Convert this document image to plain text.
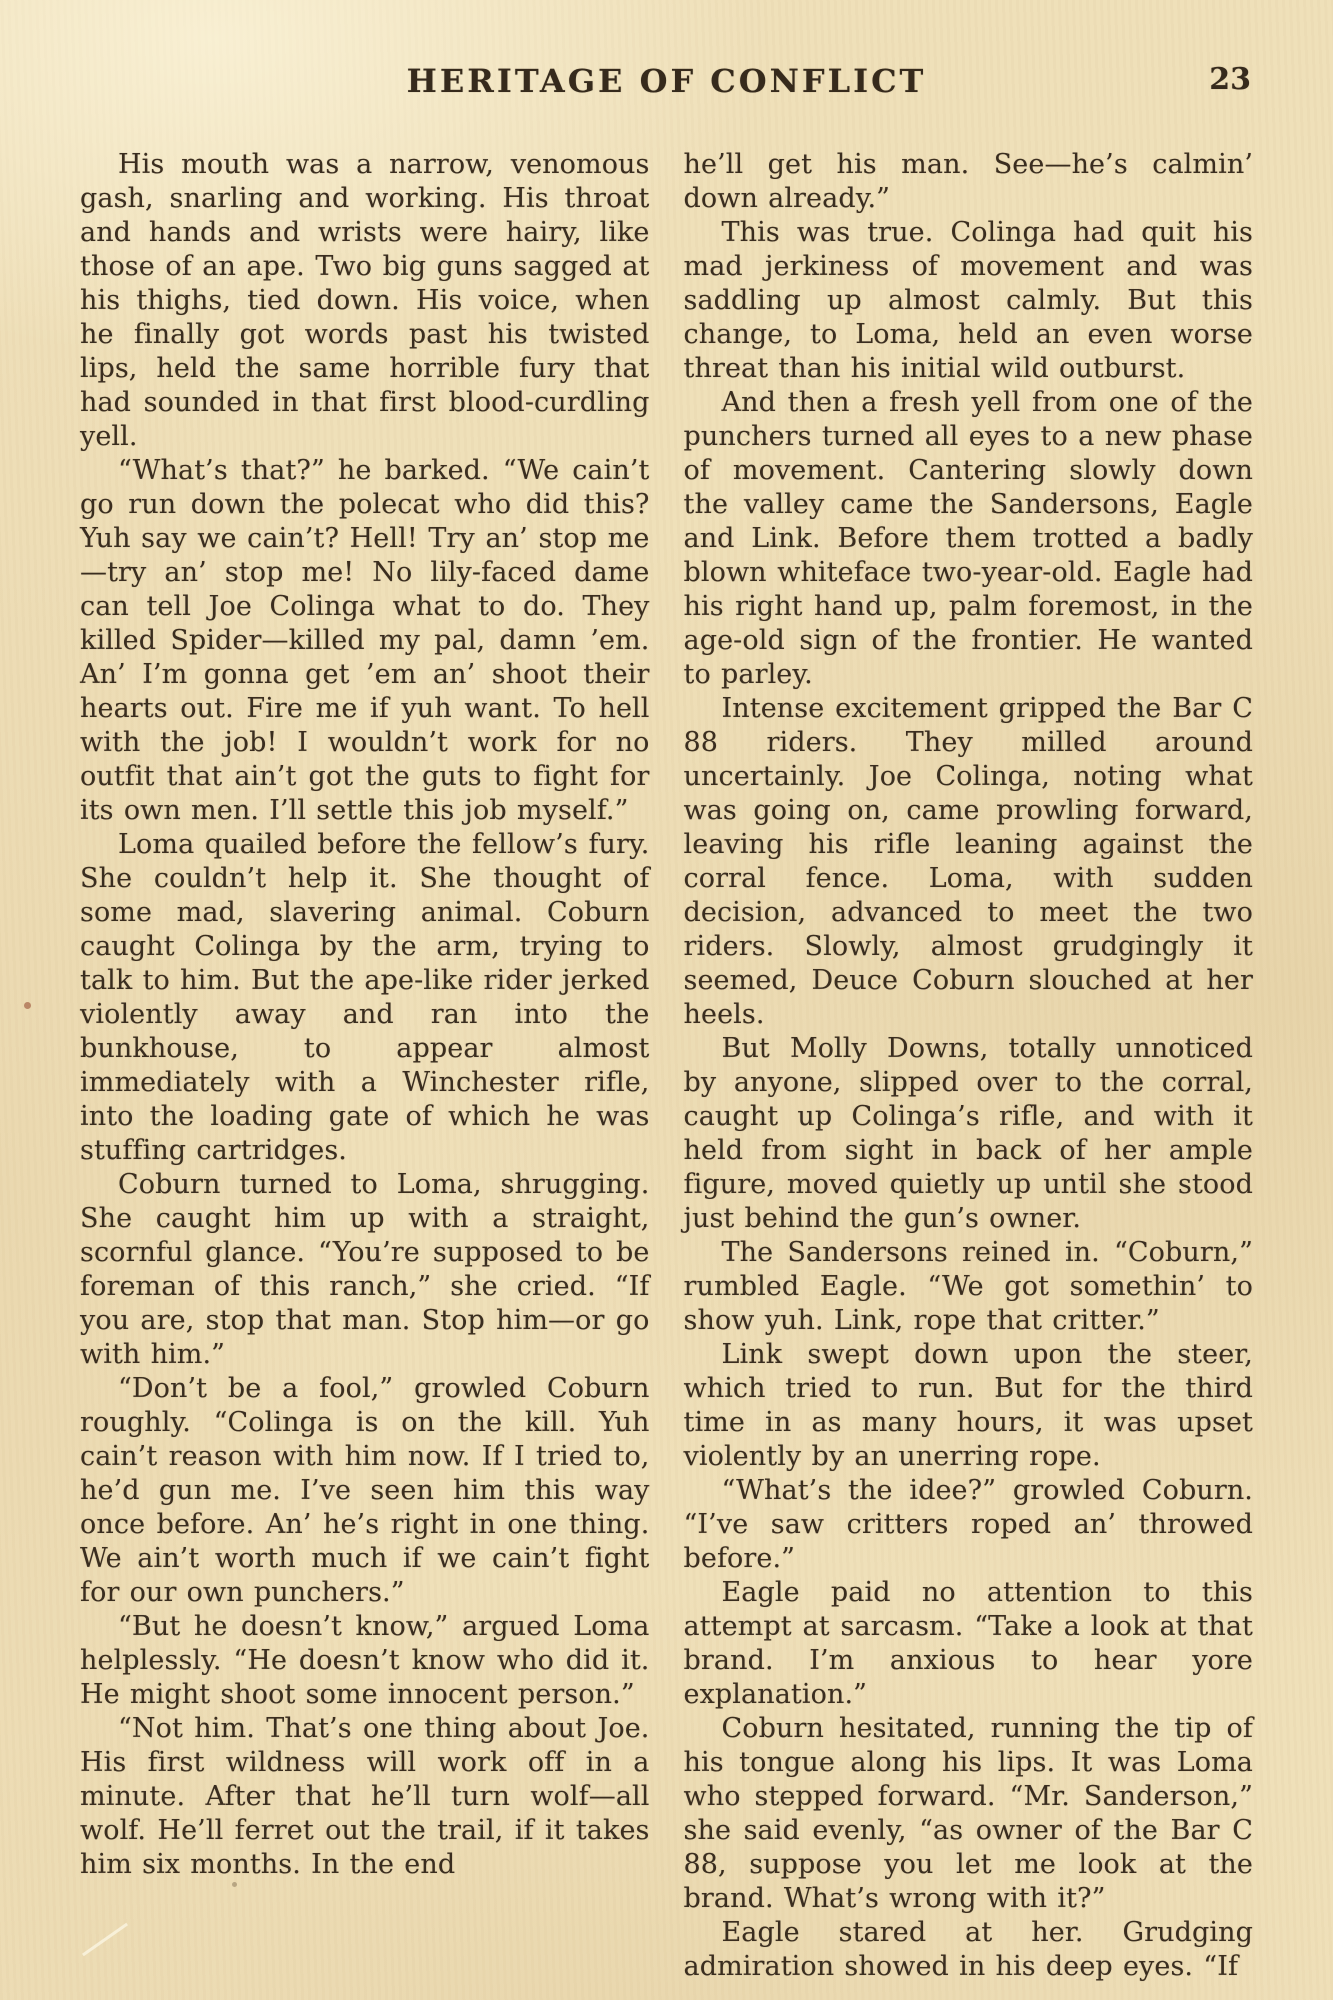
HERITAGE OF CONFLICT	23

His mouth was a narrow, venomous gash, snarling and working. His throat and hands and wrists were hairy, like those of an ape. Two big guns sagged at his thighs, tied down. His voice, when he finally got words past his twisted lips, held the same horrible fury that had sounded in that first blood-curdling yell.

“What’s that?” he barked. “We cain’t go run down the polecat who did this? Yuh say we cain’t? Hell! Try an’ stop me—try an’ stop me! No lily-faced dame can tell Joe Colinga what to do. They killed Spider—killed my pal, damn ’em. An’ I’m gonna get ’em an’ shoot their hearts out. Fire me if yuh want. To hell with the job! I wouldn’t work for no outfit that ain’t got the guts to fight for its own men. I’ll settle this job myself.”

Loma quailed before the fellow’s fury. She couldn’t help it. She thought of some mad, slavering animal. Coburn caught Colinga by the arm, trying to talk to him. But the ape-like rider jerked violently away and ran into the bunkhouse, to appear almost immediately with a Winchester rifle, into the loading gate of which he was stuffing cartridges.

Coburn turned to Loma, shrugging. She caught him up with a straight, scornful glance. “You’re supposed to be foreman of this ranch,” she cried. “If you are, stop that man. Stop him—or go with him.”

“Don’t be a fool,” growled Coburn roughly. “Colinga is on the kill. Yuh cain’t reason with him now. If I tried to, he’d gun me. I’ve seen him this way once before. An’ he’s right in one thing. We ain’t worth much if we cain’t fight for our own punchers.”

“But he doesn’t know,” argued Loma helplessly. “He doesn’t know who did it. He might shoot some innocent person.”

“Not him. That’s one thing about Joe. His first wildness will work off in a minute. After that he’ll turn wolf—all wolf. He’ll ferret out the trail, if it takes him six months. In the end

he’ll get his man. See—he’s calmin’ down already.”

This was true. Colinga had quit his mad jerkiness of movement and was saddling up almost calmly. But this change, to Loma, held an even worse threat than his initial wild outburst.

And then a fresh yell from one of the punchers turned all eyes to a new phase of movement. Cantering slowly down the valley came the Sandersons, Eagle and Link. Before them trotted a badly blown whiteface two-year-old. Eagle had his right hand up, palm foremost, in the age-old sign of the frontier. He wanted to parley.

Intense excitement gripped the Bar C 88 riders. They milled around uncertainly. Joe Colinga, noting what was going on, came prowling forward, leaving his rifle leaning against the corral fence. Loma, with sudden decision, advanced to meet the two riders. Slowly, almost grudgingly it seemed, Deuce Coburn slouched at her heels.

But Molly Downs, totally unnoticed by anyone, slipped over to the corral, caught up Colinga’s rifle, and with it held from sight in back of her ample figure, moved quietly up until she stood just behind the gun’s owner.

The Sandersons reined in. “Coburn,” rumbled Eagle. “We got somethin’ to show yuh. Link, rope that critter.”

Link swept down upon the steer, which tried to run. But for the third time in as many hours, it was upset violently by an unerring rope.

“What’s the idee?” growled Coburn. “I’ve saw critters roped an’ throwed before.”

Eagle paid no attention to this attempt at sarcasm. “Take a look at that brand. I’m anxious to hear yore explanation.”

Coburn hesitated, running the tip of his tongue along his lips. It was Loma who stepped forward. “Mr. Sanderson,” she said evenly, “as owner of the Bar C 88, suppose you let me look at the brand. What’s wrong with it?”

Eagle stared at her. Grudging admiration showed in his deep eyes. “If
